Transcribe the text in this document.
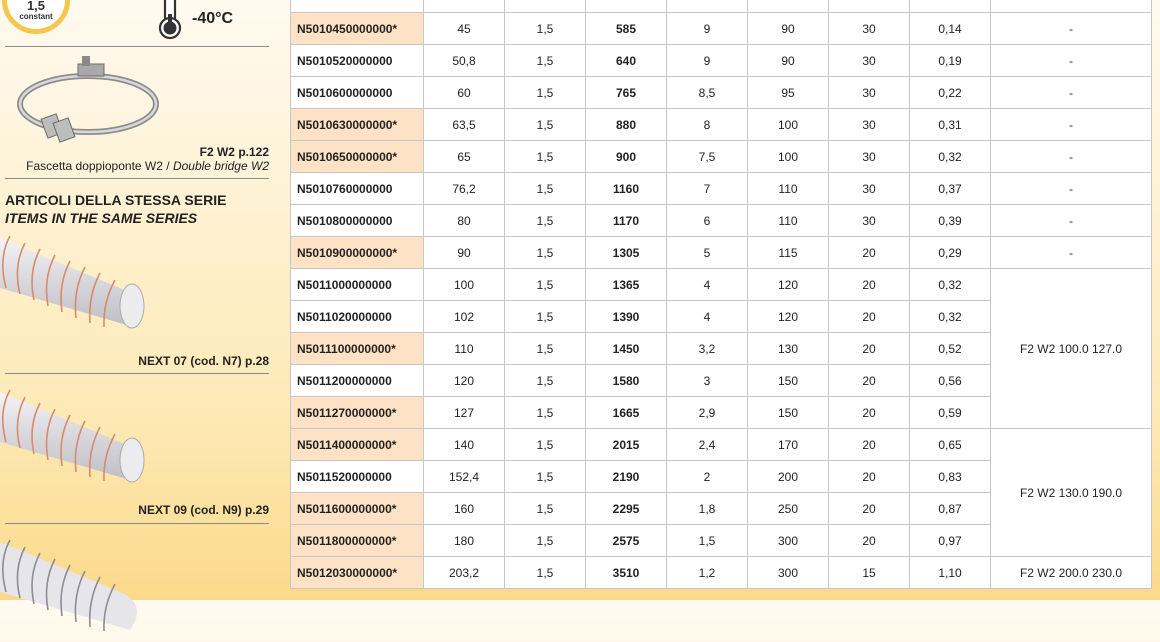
1,5
constant	-40°C
F2 W2 p.122
Fascetta doppioponte W2 / Double bridge W2
ARTICOLI DELLA STESSA SERIE
ITEMS IN THE SAME SERIES
NEXT 07 (cod. N7) p.28
NEXT 09 (cod. N9) p.29

N5010450000000*	45	1,5	585	9	90	30	0,14	-
N5010520000000	50,8	1,5	640	9	90	30	0,19	-
N5010600000000	60	1,5	765	8,5	95	30	0,22	-
N5010630000000*	63,5	1,5	880	8	100	30	0,31	-
N5010650000000*	65	1,5	900	7,5	100	30	0,32	-
N5010760000000	76,2	1,5	1160	7	110	30	0,37	-
N5010800000000	80	1,5	1170	6	110	30	0,39	-
N5010900000000*	90	1,5	1305	5	115	20	0,29	-
N5011000000000	100	1,5	1365	4	120	20	0,32	F2 W2 100.0 127.0
N5011020000000	102	1,5	1390	4	120	20	0,32	
N5011100000000*	110	1,5	1450	3,2	130	20	0,52	
N5011200000000	120	1,5	1580	3	150	20	0,56	
N5011270000000*	127	1,5	1665	2,9	150	20	0,59	
N5011400000000*	140	1,5	2015	2,4	170	20	0,65	F2 W2 130.0 190.0
N5011520000000	152,4	1,5	2190	2	200	20	0,83	
N5011600000000*	160	1,5	2295	1,8	250	20	0,87	
N5011800000000*	180	1,5	2575	1,5	300	20	0,97	
N5012030000000*	203,2	1,5	3510	1,2	300	15	1,10	F2 W2 200.0 230.0
